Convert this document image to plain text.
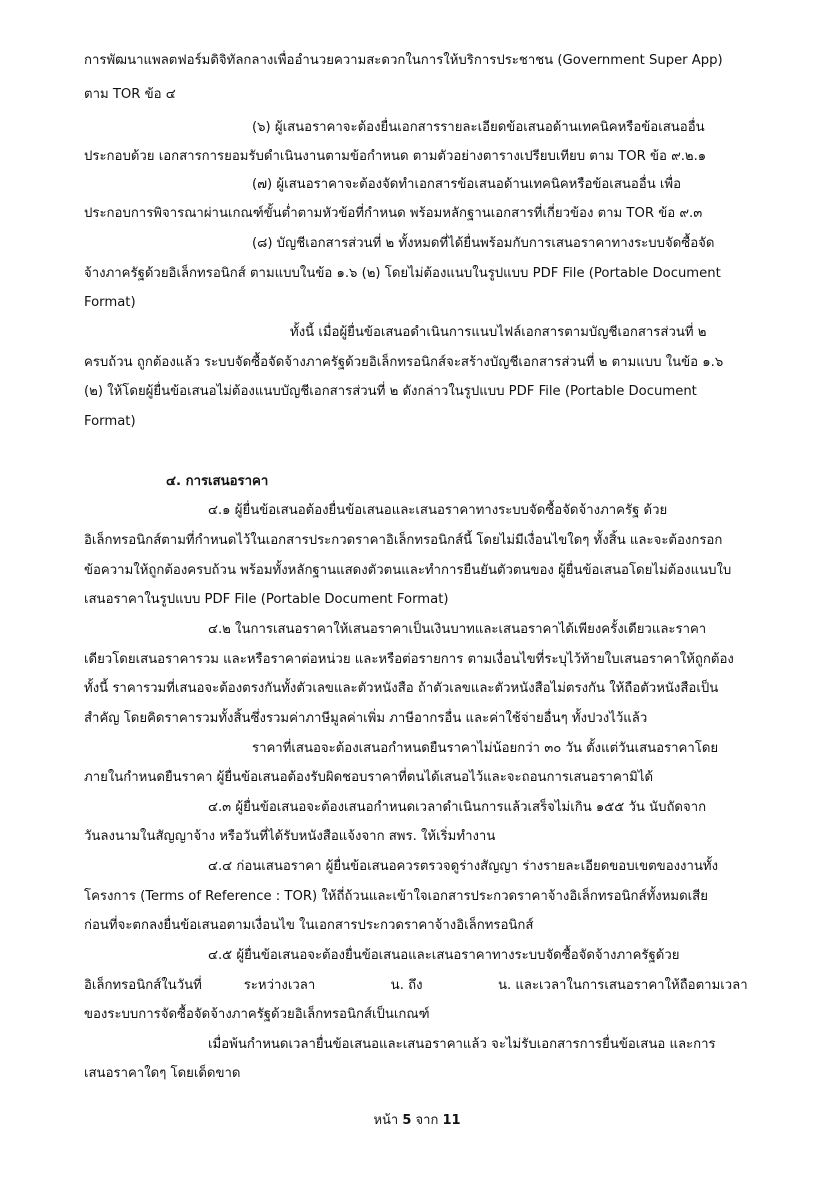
การพัฒนาแพลตฟอร์มดิจิทัลกลางเพื่ออำนวยความสะดวกในการให้บริการประชาชน (Government Super App)
ตาม TOR ข้อ ๔
(๖) ผู้เสนอราคาจะต้องยื่นเอกสารรายละเอียดข้อเสนอด้านเทคนิคหรือข้อเสนออื่น
ประกอบด้วย เอกสารการยอมรับดำเนินงานตามข้อกำหนด ตามตัวอย่างตารางเปรียบเทียบ ตาม TOR ข้อ ๙.๒.๑
(๗) ผู้เสนอราคาจะต้องจัดทำเอกสารข้อเสนอด้านเทคนิคหรือข้อเสนออื่น เพื่อ
ประกอบการพิจารณาผ่านเกณฑ์ขั้นต่ำตามหัวข้อที่กำหนด พร้อมหลักฐานเอกสารที่เกี่ยวข้อง ตาม TOR ข้อ ๙.๓
(๘) บัญชีเอกสารส่วนที่ ๒ ทั้งหมดที่ได้ยื่นพร้อมกับการเสนอราคาทางระบบจัดซื้อจัด
จ้างภาครัฐด้วยอิเล็กทรอนิกส์ ตามแบบในข้อ ๑.๖ (๒) โดยไม่ต้องแนบในรูปแบบ PDF File (Portable Document
Format)
ทั้งนี้ เมื่อผู้ยื่นข้อเสนอดำเนินการแนบไฟล์เอกสารตามบัญชีเอกสารส่วนที่ ๒
ครบถ้วน ถูกต้องแล้ว ระบบจัดซื้อจัดจ้างภาครัฐด้วยอิเล็กทรอนิกส์จะสร้างบัญชีเอกสารส่วนที่ ๒ ตามแบบ ในข้อ ๑.๖
(๒) ให้โดยผู้ยื่นข้อเสนอไม่ต้องแนบบัญชีเอกสารส่วนที่ ๒ ดังกล่าวในรูปแบบ PDF File (Portable Document
Format)
๔. การเสนอราคา
๔.๑ ผู้ยื่นข้อเสนอต้องยื่นข้อเสนอและเสนอราคาทางระบบจัดซื้อจัดจ้างภาครัฐ ด้วย
อิเล็กทรอนิกส์ตามที่กำหนดไว้ในเอกสารประกวดราคาอิเล็กทรอนิกส์นี้ โดยไม่มีเงื่อนไขใดๆ ทั้งสิ้น และจะต้องกรอก
ข้อความให้ถูกต้องครบถ้วน พร้อมทั้งหลักฐานแสดงตัวตนและทำการยืนยันตัวตนของ ผู้ยื่นข้อเสนอโดยไม่ต้องแนบใบ
เสนอราคาในรูปแบบ PDF File (Portable Document Format)
๔.๒ ในการเสนอราคาให้เสนอราคาเป็นเงินบาทและเสนอราคาได้เพียงครั้งเดียวและราคา
เดียวโดยเสนอราคารวม และหรือราคาต่อหน่วย และหรือต่อรายการ ตามเงื่อนไขที่ระบุไว้ท้ายใบเสนอราคาให้ถูกต้อง
ทั้งนี้ ราคารวมที่เสนอจะต้องตรงกันทั้งตัวเลขและตัวหนังสือ ถ้าตัวเลขและตัวหนังสือไม่ตรงกัน ให้ถือตัวหนังสือเป็น
สำคัญ โดยคิดราคารวมทั้งสิ้นซึ่งรวมค่าภาษีมูลค่าเพิ่ม ภาษีอากรอื่น และค่าใช้จ่ายอื่นๆ ทั้งปวงไว้แล้ว
ราคาที่เสนอจะต้องเสนอกำหนดยืนราคาไม่น้อยกว่า ๓๐ วัน ตั้งแต่วันเสนอราคาโดย
ภายในกำหนดยืนราคา ผู้ยื่นข้อเสนอต้องรับผิดชอบราคาที่ตนได้เสนอไว้และจะถอนการเสนอราคามิได้
๔.๓ ผู้ยื่นข้อเสนอจะต้องเสนอกำหนดเวลาดำเนินการแล้วเสร็จไม่เกิน ๑๕๕ วัน นับถัดจาก
วันลงนามในสัญญาจ้าง หรือวันที่ได้รับหนังสือแจ้งจาก สพร. ให้เริ่มทำงาน
๔.๔ ก่อนเสนอราคา ผู้ยื่นข้อเสนอควรตรวจดูร่างสัญญา ร่างรายละเอียดขอบเขตของงานทั้ง
โครงการ (Terms of Reference : TOR) ให้ถี่ถ้วนและเข้าใจเอกสารประกวดราคาจ้างอิเล็กทรอนิกส์ทั้งหมดเสีย
ก่อนที่จะตกลงยื่นข้อเสนอตามเงื่อนไข ในเอกสารประกวดราคาจ้างอิเล็กทรอนิกส์
๔.๕ ผู้ยื่นข้อเสนอจะต้องยื่นข้อเสนอและเสนอราคาทางระบบจัดซื้อจัดจ้างภาครัฐด้วย
อิเล็กทรอนิกส์ในวันที่          ระหว่างเวลา                  น. ถึง                  น. และเวลาในการเสนอราคาให้ถือตามเวลา
ของระบบการจัดซื้อจัดจ้างภาครัฐด้วยอิเล็กทรอนิกส์เป็นเกณฑ์
เมื่อพ้นกำหนดเวลายื่นข้อเสนอและเสนอราคาแล้ว จะไม่รับเอกสารการยื่นข้อเสนอ และการ
เสนอราคาใดๆ โดยเด็ดขาด
หน้า 5 จาก 11
